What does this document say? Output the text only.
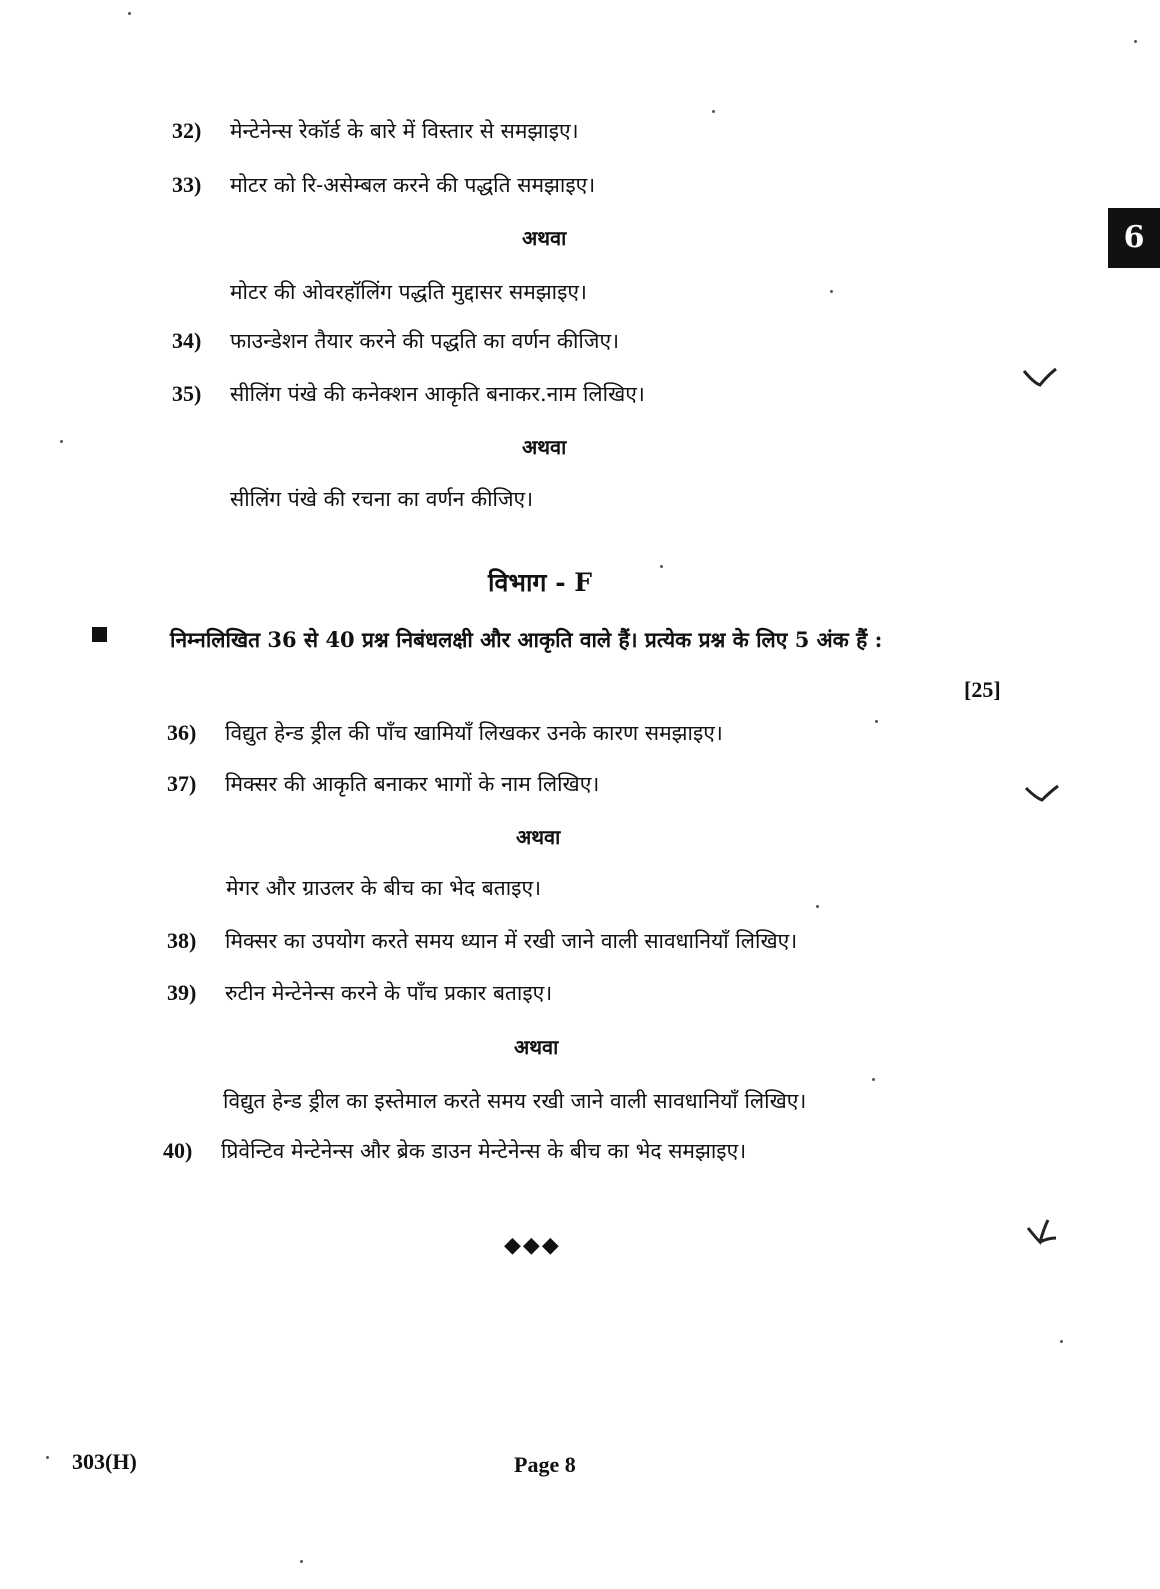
6
32) मेन्टेनेन्स रेकॉर्ड के बारे में विस्तार से समझाइए।
33) मोटर को रि-असेम्बल करने की पद्धति समझाइए।
अथवा
मोटर की ओवरहॉलिंग पद्धति मुद्दासर समझाइए।
34) फाउन्डेशन तैयार करने की पद्धति का वर्णन कीजिए।
35) सीलिंग पंखे की कनेक्शन आकृति बनाकर.नाम लिखिए।
अथवा
सीलिंग पंखे की रचना का वर्णन कीजिए।
विभाग - F
निम्नलिखित 36 से 40 प्रश्न निबंधलक्षी और आकृति वाले हैं। प्रत्येक प्रश्न के लिए 5 अंक हैं :
[25]
36) विद्युत हेन्ड ड्रील की पाँच खामियाँ लिखकर उनके कारण समझाइए।
37) मिक्सर की आकृति बनाकर भागों के नाम लिखिए।
अथवा
मेगर और ग्राउलर के बीच का भेद बताइए।
38) मिक्सर का उपयोग करते समय ध्यान में रखी जाने वाली सावधानियाँ लिखिए।
39) रुटीन मेन्टेनेन्स करने के पाँच प्रकार बताइए।
अथवा
विद्युत हेन्ड ड्रील का इस्तेमाल करते समय रखी जाने वाली सावधानियाँ लिखिए।
40) प्रिवेन्टिव मेन्टेनेन्स और ब्रेक डाउन मेन्टेनेन्स के बीच का भेद समझाइए।
◆◆◆
303(H)	Page 8
